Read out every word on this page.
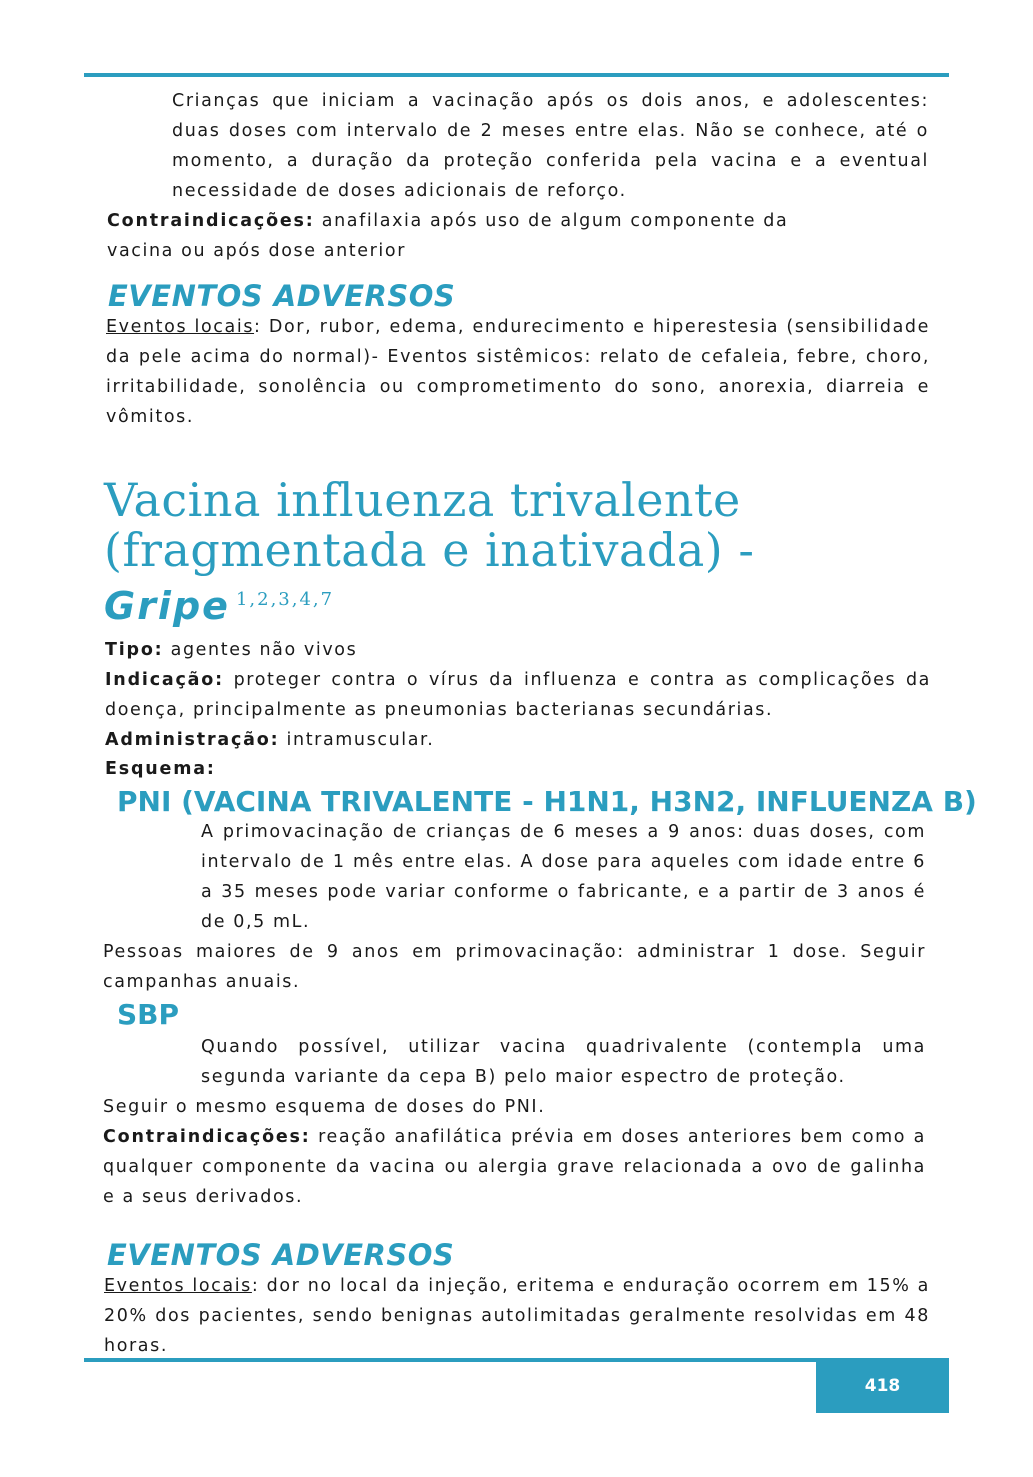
Crianças que iniciam a vacinação após os dois anos, e adolescentes: duas doses com intervalo de 2 meses entre elas. Não se conhece, até o momento, a duração da proteção conferida pela vacina e a eventual necessidade de doses adicionais de reforço.

Contraindicações: anafilaxia após uso de algum componente da

vacina ou após dose anterior

EVENTOS ADVERSOS
Eventos locais: Dor, rubor, edema, endurecimento e hiperestesia (sensibilidade da pele acima do normal)- Eventos sistêmicos: relato de cefaleia, febre, choro, irritabilidade, sonolência ou comprometimento do sono, anorexia, diarreia e vômitos.
Vacina influenza trivalente
(fragmentada e inativada) -
Gripe $^{1,2,3,4,7}$

Tipo: agentes não vivos

Indicação: proteger contra o vírus da influenza e contra as complicações da doença, principalmente as pneumonias bacterianas secundárias.

Administração: intramuscular.

Esquema:

PNI (VACINA TRIVALENTE - H1N1, H3N2, INFLUENZA B)

A primovacinação de crianças de 6 meses a 9 anos: duas doses, com intervalo de 1 mês entre elas. A dose para aqueles com idade entre 6 a 35 meses pode variar conforme o fabricante, e a partir de 3 anos é de 0,5 mL.

Pessoas maiores de 9 anos em primovacinação: administrar 1 dose. Seguir campanhas anuais.

SBP

Quando possível, utilizar vacina quadrivalente (contempla uma segunda variante da cepa B) pelo maior espectro de proteção.

Seguir o mesmo esquema de doses do PNI.

Contraindicações: reação anafilática prévia em doses anteriores bem como a qualquer componente da vacina ou alergia grave relacionada a ovo de galinha e a seus derivados.

EVENTOS ADVERSOS
Eventos locais: dor no local da injeção, eritema e enduração ocorrem em 15% a 20% dos pacientes, sendo benignas autolimitadas geralmente resolvidas em 48 horas.
418
